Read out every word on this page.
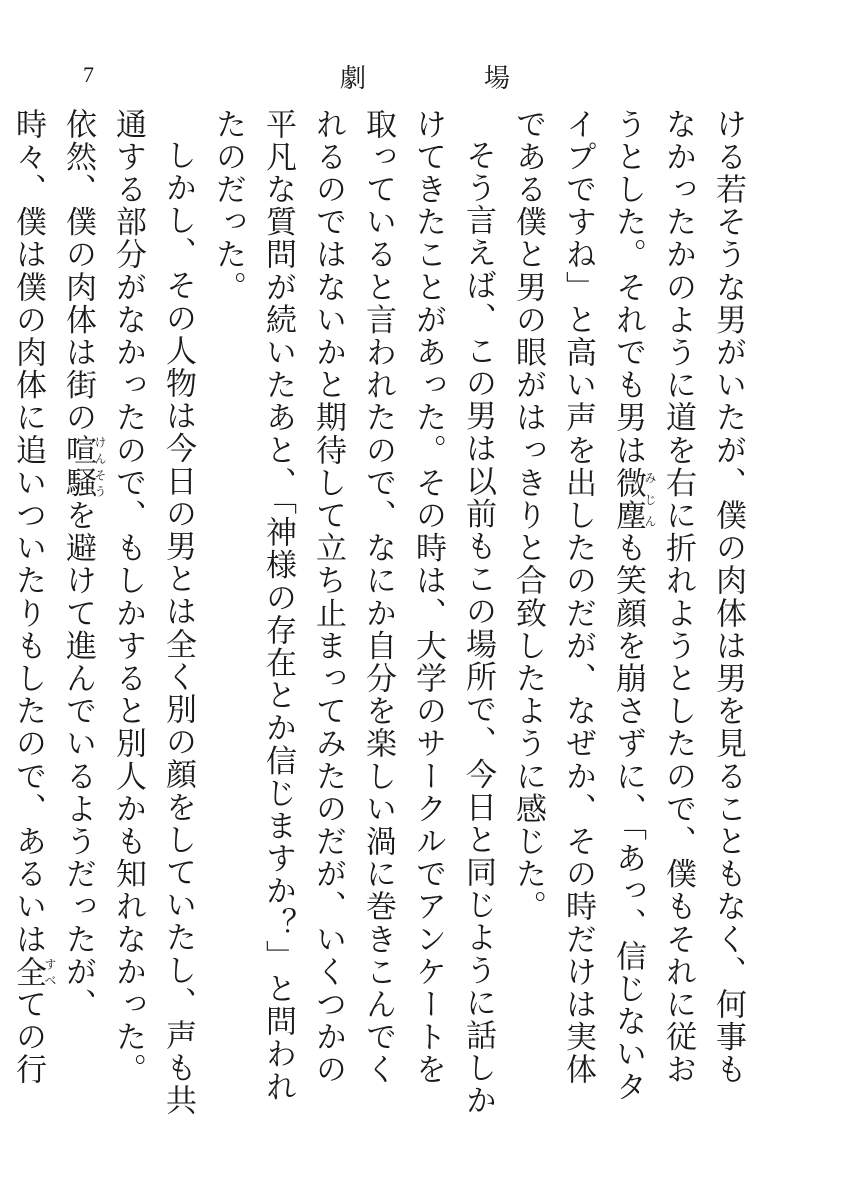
7	劇	場

ける若そうな男がいたが、僕の肉体は男を見ることもなく、何事もなかったかのように道を右に折れようとしたので、僕もそれに従おうとした。それでも男は微塵みじんも笑顔を崩さずに、「あっ、信じないタイプですね」と高い声を出したのだが、なぜか、その時だけは実体である僕と男の眼がはっきりと合致したように感じた。

そう言えば、この男は以前もこの場所で、今日と同じように話しかけてきたことがあった。その時は、大学のサークルでアンケートを取っていると言われたので、なにか自分を楽しい渦に巻きこんでくれるのではないかと期待して立ち止まってみたのだが、いくつかの平凡な質問が続いたあと、「神様の存在とか信じますか？」と問われたのだった。

しかし、その人物は今日の男とは全く別の顔をしていたし、声も共通する部分がなかったので、もしかすると別人かも知れなかった。依然、僕の肉体は街の喧騒けんそうを避けて進んでいるようだったが、時々、僕は僕の肉体に追いついたりもしたので、あるいは全すべての行
